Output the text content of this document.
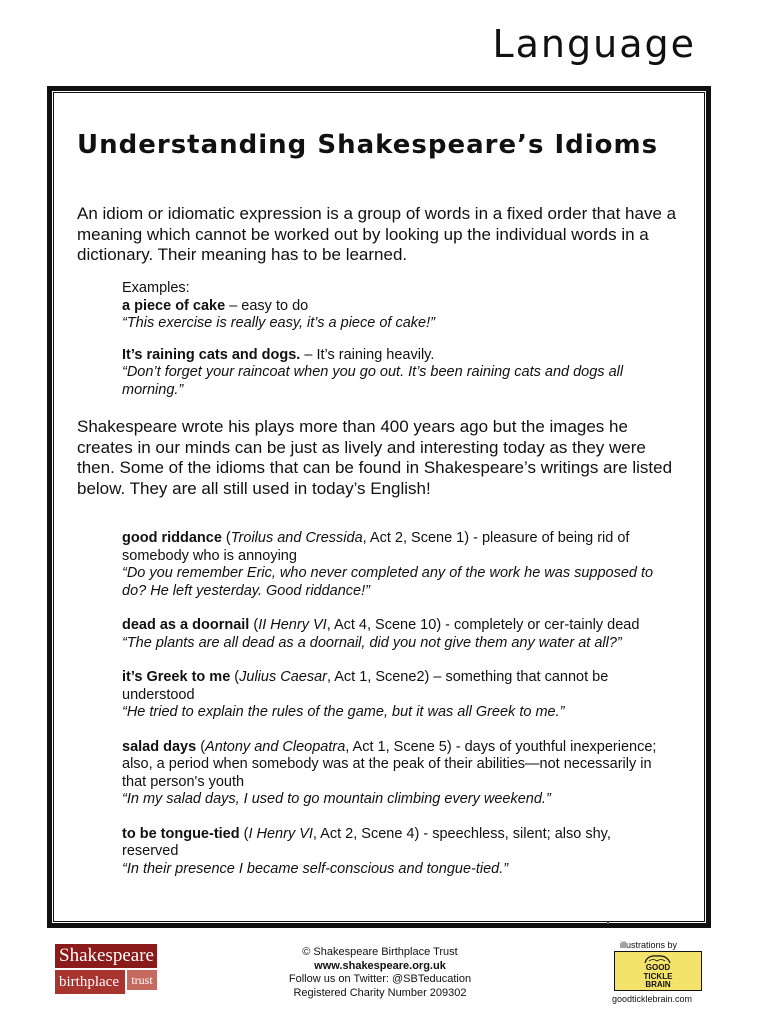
Language
Understanding Shakespeare’s Idioms

An idiom or idiomatic expression is a group of words in a fixed order that have a meaning which cannot be worked out by looking up the individual words in a dictionary. Their meaning has to be learned.

Examples:
a piece of cake – easy to do
“This exercise is really easy, it’s a piece of cake!”
It’s raining cats and dogs. – It’s raining heavily.
“Don’t forget your raincoat when you go out. It’s been raining cats and dogs all morning.”

Shakespeare wrote his plays more than 400 years ago but the images he creates in our minds can be just as lively and interesting today as they were then. Some of the idioms that can be found in Shakespeare’s writings are listed below. They are all still used in today’s English!

good riddance (Troilus and Cressida, Act 2, Scene 1) - pleasure of being rid of somebody who is annoying
“Do you remember Eric, who never completed any of the work he was supposed to do? He left yesterday. Good riddance!”
dead as a doornail (II Henry VI, Act 4, Scene 10) - completely or cer-tainly dead
“The plants are all dead as a doornail, did you not give them any water at all?”
it’s Greek to me (Julius Caesar, Act 1, Scene2) – something that cannot be understood
“He tried to explain the rules of the game, but it was all Greek to me.”
salad days (Antony and Cleopatra, Act 1, Scene 5) - days of youthful inexperience; also, a period when somebody was at the peak of their abilities—not necessarily in that person's youth
“In my salad days, I used to go mountain climbing every weekend.”
to be tongue-tied (I Henry VI, Act 2, Scene 4) - speechless, silent; also shy, reserved
“In their presence I became self-conscious and tongue-tied.”
Shakespeare
birthplace	trust
© Shakespeare Birthplace Trust
www.shakespeare.org.uk
Follow us on Twitter: @SBTeducation
Registered Charity Number 209302
illustrations by
GOOD
TICKLE
BRAIN
goodticklebrain.com
